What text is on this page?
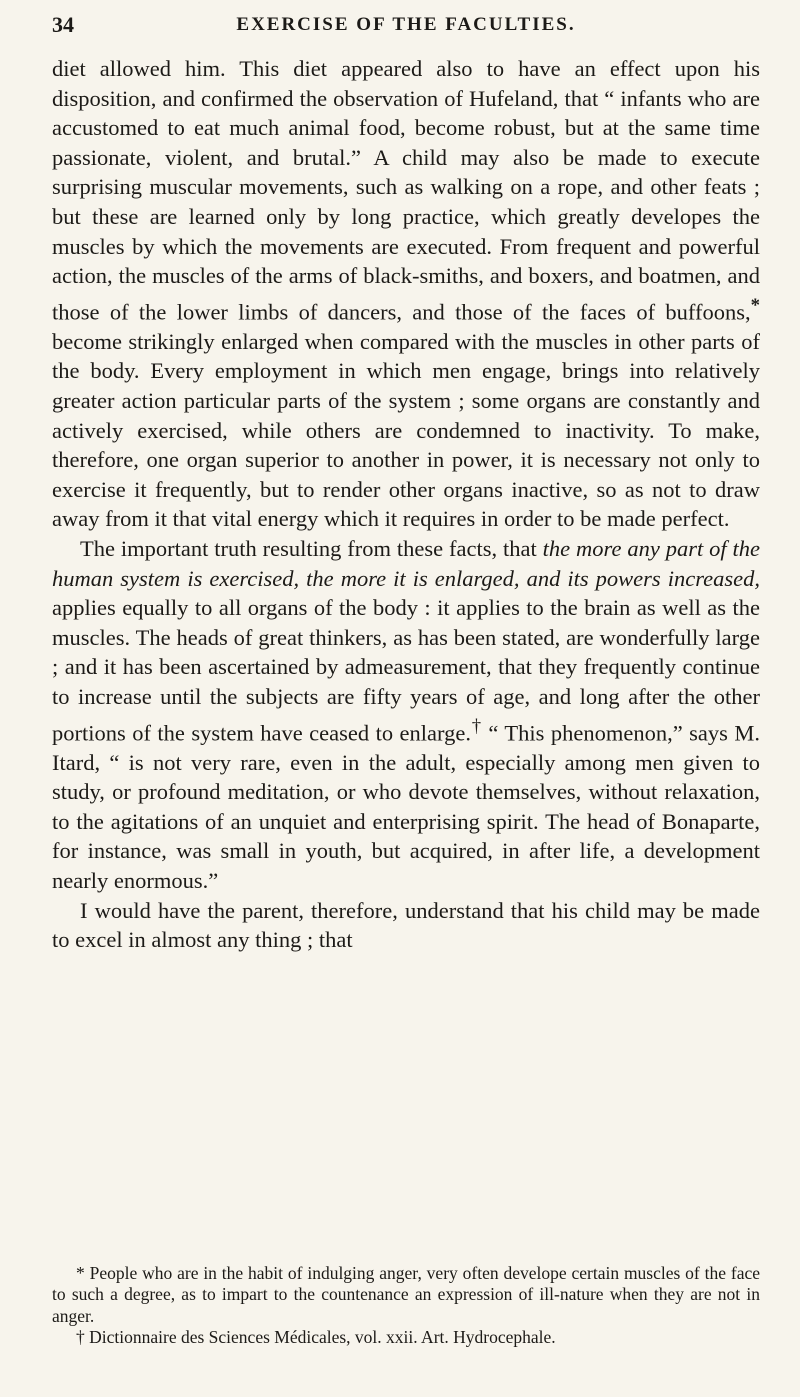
34	EXERCISE OF THE FACULTIES.

diet allowed him. This diet appeared also to have an effect upon his disposition, and confirmed the observation of Hufeland, that “ infants who are accustomed to eat much animal food, become robust, but at the same time passionate, violent, and brutal.” A child may also be made to execute surprising muscular movements, such as walking on a rope, and other feats ; but these are learned only by long practice, which greatly developes the muscles by which the movements are executed. From frequent and powerful action, the muscles of the arms of black-smiths, and boxers, and boatmen, and those of the lower limbs of dancers, and those of the faces of buffoons,* become strikingly enlarged when compared with the muscles in other parts of the body. Every employment in which men engage, brings into relatively greater action particular parts of the system ; some organs are constantly and actively exercised, while others are condemned to inactivity. To make, therefore, one organ superior to another in power, it is necessary not only to exercise it frequently, but to render other organs inactive, so as not to draw away from it that vital energy which it requires in order to be made perfect.

The important truth resulting from these facts, that the more any part of the human system is exercised, the more it is enlarged, and its powers increased, applies equally to all organs of the body : it applies to the brain as well as the muscles. The heads of great thinkers, as has been stated, are wonderfully large ; and it has been ascertained by admeasurement, that they frequently continue to increase until the subjects are fifty years of age, and long after the other portions of the system have ceased to enlarge.† “ This phenomenon,” says M. Itard, “ is not very rare, even in the adult, especially among men given to study, or profound meditation, or who devote themselves, without relaxation, to the agitations of an unquiet and enterprising spirit. The head of Bonaparte, for instance, was small in youth, but acquired, in after life, a development nearly enormous.”

I would have the parent, therefore, understand that his child may be made to excel in almost any thing ; that

* People who are in the habit of indulging anger, very often develope certain muscles of the face to such a degree, as to impart to the countenance an expression of ill-nature when they are not in anger.

† Dictionnaire des Sciences Médicales, vol. xxii. Art. Hydrocephale.
